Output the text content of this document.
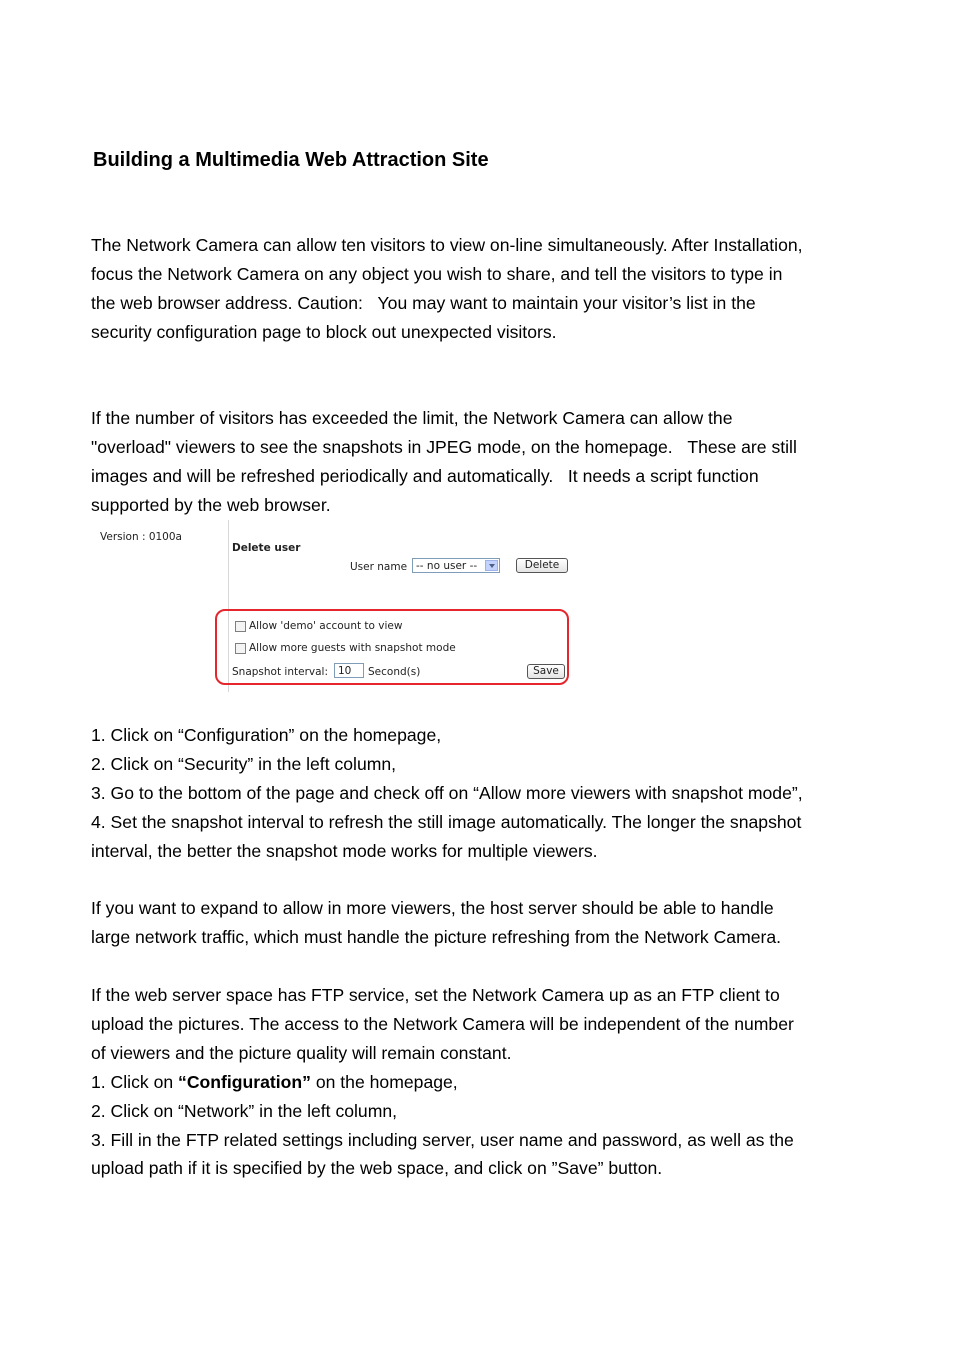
Building a Multimedia Web Attraction Site

The Network Camera can allow ten visitors to view on-line simultaneously. After Installation,

focus the Network Camera on any object you wish to share, and tell the visitors to type in

the web browser address. Caution:   You may want to maintain your visitor’s list in the

security configuration page to block out unexpected visitors.

If the number of visitors has exceeded the limit, the Network Camera can allow the

"overload" viewers to see the snapshots in JPEG mode, on the homepage.   These are still

images and will be refreshed periodically and automatically.   It needs a script function

supported by the web browser.

Version : 0100a
Delete user
User name -- no user --	Delete
Allow 'demo' account to view
Allow more guests with snapshot mode
Snapshot interval: 10 Second(s)	Save

1. Click on “Configuration” on the homepage,

2. Click on “Security” in the left column,

3. Go to the bottom of the page and check off on “Allow more viewers with snapshot mode”,

4. Set the snapshot interval to refresh the still image automatically. The longer the snapshot

interval, the better the snapshot mode works for multiple viewers.

If you want to expand to allow in more viewers, the host server should be able to handle

large network traffic, which must handle the picture refreshing from the Network Camera.

If the web server space has FTP service, set the Network Camera up as an FTP client to

upload the pictures. The access to the Network Camera will be independent of the number

of viewers and the picture quality will remain constant.

1. Click on “Configuration” on the homepage,

2. Click on “Network” in the left column,

3. Fill in the FTP related settings including server, user name and password, as well as the

upload path if it is specified by the web space, and click on ”Save” button.
